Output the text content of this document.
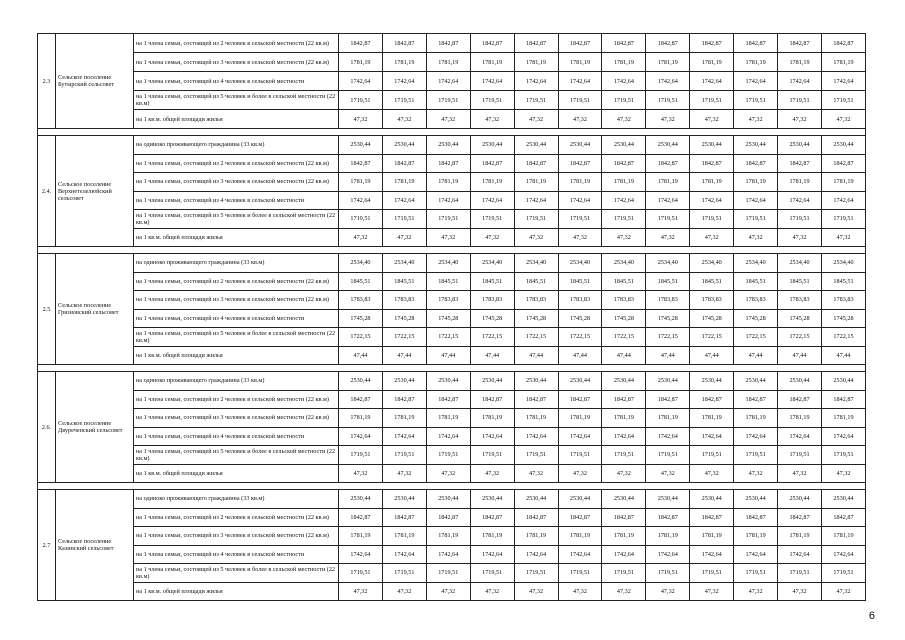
2.3	Сельское поселение Бутырский сельсовет	на 1 члена семьи, состоящей из 2 человек в сельской местности (22 кв.м)	1842,87	1842,87	1842,87	1842,87	1842,87	1842,87	1842,87	1842,87	1842,87	1842,87	1842,87	1842,87
		на 1 члена семьи, состоящей из 3 человек в сельской местности (22 кв.м)	1781,19	1781,19	1781,19	1781,19	1781,19	1781,19	1781,19	1781,19	1781,19	1781,19	1781,19	1781,19
		на 1 члена семьи, состоящей из 4 человек в сельской местности	1742,64	1742,64	1742,64	1742,64	1742,64	1742,64	1742,64	1742,64	1742,64	1742,64	1742,64	1742,64
		на 1 члена семьи, состоящей из 5 человек и более в сельской местности (22 кв.м)	1719,51	1719,51	1719,51	1719,51	1719,51	1719,51	1719,51	1719,51	1719,51	1719,51	1719,51	1719,51
		на 1 кв.м. общей площади жилья	47,32	47,32	47,32	47,32	47,32	47,32	47,32	47,32	47,32	47,32	47,32	47,32

2.4.	Сельское поселение Верхнетелелюйский сельсовет	на одиноко проживающего гражданина (33 кв.м)	2530,44	2530,44	2530,44	2530,44	2530,44	2530,44	2530,44	2530,44	2530,44	2530,44	2530,44	2530,44
		на 1 члена семьи, состоящей из 2 человек в сельской местности (22 кв.м)	1842,87	1842,87	1842,87	1842,87	1842,87	1842,87	1842,87	1842,87	1842,87	1842,87	1842,87	1842,87
		на 1 члена семьи, состоящей из 3 человек в сельской местности (22 кв.м)	1781,19	1781,19	1781,19	1781,19	1781,19	1781,19	1781,19	1781,19	1781,19	1781,19	1781,19	1781,19
		на 1 члена семьи, состоящей из 4 человек в сельской местности	1742,64	1742,64	1742,64	1742,64	1742,64	1742,64	1742,64	1742,64	1742,64	1742,64	1742,64	1742,64
		на 1 члена семьи, состоящей из 5 человек и более в сельской местности (22 кв.м)	1719,51	1719,51	1719,51	1719,51	1719,51	1719,51	1719,51	1719,51	1719,51	1719,51	1719,51	1719,51
		на 1 кв.м. общей площади жилья	47,32	47,32	47,32	47,32	47,32	47,32	47,32	47,32	47,32	47,32	47,32	47,32

2.5	Сельское поселение Грязновский сельсовет	на одиноко проживающего гражданина (33 кв.м)	2534,40	2534,40	2534,40	2534,40	2534,40	2534,40	2534,40	2534,40	2534,40	2534,40	2534,40	2534,40
		на 1 члена семьи, состоящей из 2 человек в сельской местности (22 кв.м)	1845,51	1845,51	1845,51	1845,51	1845,51	1845,51	1845,51	1845,51	1845,51	1845,51	1845,51	1845,51
		на 1 члена семьи, состоящей из 3 человек в сельской местности (22 кв.м)	1783,83	1783,83	1783,83	1783,83	1783,83	1783,83	1783,83	1783,83	1783,83	1783,83	1783,83	1783,83
		на 1 члена семьи, состоящей из 4 человек в сельской местности	1745,28	1745,28	1745,28	1745,28	1745,28	1745,28	1745,28	1745,28	1745,28	1745,28	1745,28	1745,28
		на 1 члена семьи, состоящей из 5 человек и более в сельской местности (22 кв.м)	1722,15	1722,15	1722,15	1722,15	1722,15	1722,15	1722,15	1722,15	1722,15	1722,15	1722,15	1722,15
		на 1 кв.м. общей площади жилья	47,44	47,44	47,44	47,44	47,44	47,44	47,44	47,44	47,44	47,44	47,44	47,44

2.6.	Сельское поселение Двуреченский сельсовет	на одиноко проживающего гражданина (33 кв.м)	2530,44	2530,44	2530,44	2530,44	2530,44	2530,44	2530,44	2530,44	2530,44	2530,44	2530,44	2530,44
		на 1 члена семьи, состоящей из 2 человек в сельской местности (22 кв.м)	1842,87	1842,87	1842,87	1842,87	1842,87	1842,87	1842,87	1842,87	1842,87	1842,87	1842,87	1842,87
		на 1 члена семьи, состоящей из 3 человек в сельской местности (22 кв.м)	1781,19	1781,19	1781,19	1781,19	1781,19	1781,19	1781,19	1781,19	1781,19	1781,19	1781,19	1781,19
		на 1 члена семьи, состоящей из 4 человек в сельской местности	1742,64	1742,64	1742,64	1742,64	1742,64	1742,64	1742,64	1742,64	1742,64	1742,64	1742,64	1742,64
		на 1 члена семьи, состоящей из 5 человек и более в сельской местности (22 кв.м)	1719,51	1719,51	1719,51	1719,51	1719,51	1719,51	1719,51	1719,51	1719,51	1719,51	1719,51	1719,51
		на 1 кв.м. общей площади жилья	47,32	47,32	47,32	47,32	47,32	47,32	47,32	47,32	47,32	47,32	47,32	47,32

2.7	Сельское поселение Казинский сельсовет	на одиноко проживающего гражданина (33 кв.м)	2530,44	2530,44	2530,44	2530,44	2530,44	2530,44	2530,44	2530,44	2530,44	2530,44	2530,44	2530,44
		на 1 члена семьи, состоящей из 2 человек в сельской местности (22 кв.м)	1842,87	1842,87	1842,87	1842,87	1842,87	1842,87	1842,87	1842,87	1842,87	1842,87	1842,87	1842,87
		на 1 члена семьи, состоящей из 3 человек в сельской местности (22 кв.м)	1781,19	1781,19	1781,19	1781,19	1781,19	1781,19	1781,19	1781,19	1781,19	1781,19	1781,19	1781,19
		на 1 члена семьи, состоящей из 4 человек в сельской местности	1742,64	1742,64	1742,64	1742,64	1742,64	1742,64	1742,64	1742,64	1742,64	1742,64	1742,64	1742,64
		на 1 члена семьи, состоящей из 5 человек и более в сельской местности (22 кв.м)	1719,51	1719,51	1719,51	1719,51	1719,51	1719,51	1719,51	1719,51	1719,51	1719,51	1719,51	1719,51
		на 1 кв.м. общей площади жилья	47,32	47,32	47,32	47,32	47,32	47,32	47,32	47,32	47,32	47,32	47,32	47,32
6
